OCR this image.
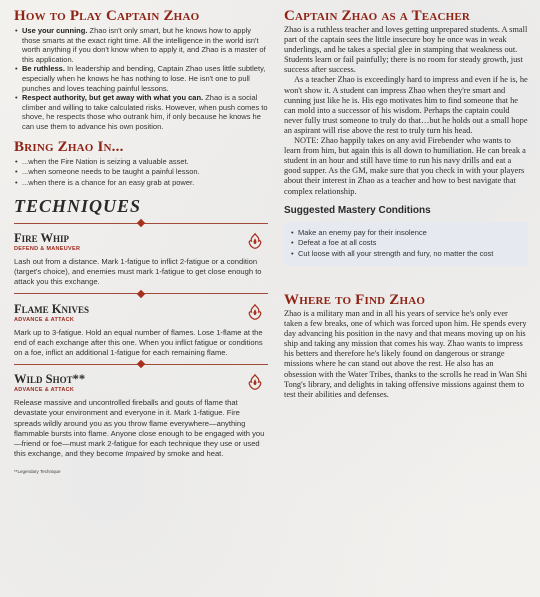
How to Play Captain Zhao
• Use your cunning. Zhao isn't only smart, but he knows how to apply those smarts at the exact right time. All the intelligence in the world isn't worth anything if you don't know when to apply it, and Zhao is a master of this application.
• Be ruthless. In leadership and bending, Captain Zhao uses little subtlety, especially when he knows he has nothing to lose. He isn't one to pull punches and loves teaching painful lessons.
• Respect authority, but get away with what you can. Zhao is a social climber and willing to take calculated risks. However, when push comes to shove, he respects those who outrank him, if only because he knows he can use them to advance his own position.
Bring Zhao In...
• ...when the Fire Nation is seizing a valuable asset.
• ...when someone needs to be taught a painful lesson.
• ...when there is a chance for an easy grab at power.
TECHNIQUES
Fire Whip
DEFEND & MANEUVER
Lash out from a distance. Mark 1-fatigue to inflict 2-fatigue or a condition (target's choice), and enemies must mark 1-fatigue to get close enough to attack you this exchange.
Flame Knives
ADVANCE & ATTACK
Mark up to 3-fatigue. Hold an equal number of flames. Lose 1-flame at the end of each exchange after this one. When you inflict fatigue or conditions on a foe, inflict an additional 1-fatigue for each remaining flame.
Wild Shot**
ADVANCE & ATTACK
Release massive and uncontrolled fireballs and gouts of flame that devastate your environment and everyone in it. Mark 1-fatigue. Fire spreads wildly around you as you throw flame everywhere—anything flammable bursts into flame. Anyone close enough to be engaged with you—friend or foe—must mark 2-fatigue for each technique they use or used this exchange, and they become Impaired by smoke and heat.
**Legendary Technique
Captain Zhao as a Teacher

Zhao is a ruthless teacher and loves getting unprepared students. A small part of the captain sees the little insecure boy he once was in weak underlings, and he takes a special glee in stamping that weakness out. Students learn or fail painfully; there is no room for steady growth, just success after success.

As a teacher Zhao is exceedingly hard to impress and even if he is, he won't show it. A student can impress Zhao when they're smart and cunning just like he is. His ego motivates him to find someone that he can mold into a successor of his wisdom. Perhaps the captain could never fully trust someone to truly do that…but he holds out a small hope an aspirant will rise above the rest to truly turn his head.

NOTE: Zhao happily takes on any avid Firebender who wants to learn from him, but again this is all down to humiliation. He can break a student in an hour and still have time to run his navy drills and eat a good supper. As the GM, make sure that you check in with your players about their interest in Zhao as a teacher and how to best navigate that complex relationship.

Suggested Mastery Conditions
• Make an enemy pay for their insolence
• Defeat a foe at all costs
• Cut loose with all your strength and fury, no matter the cost
Where to Find Zhao

Zhao is a military man and in all his years of service he's only ever taken a few breaks, one of which was forced upon him. He spends every day advancing his position in the navy and that means moving up on his ship and taking any mission that comes his way. Zhao wants to impress his betters and therefore he's likely found on dangerous or strange missions where he can stand out above the rest. He also has an obsession with the Water Tribes, thanks to the scrolls he read in Wan Shi Tong's library, and delights in taking offensive missions against them to test their abilities and defenses.
